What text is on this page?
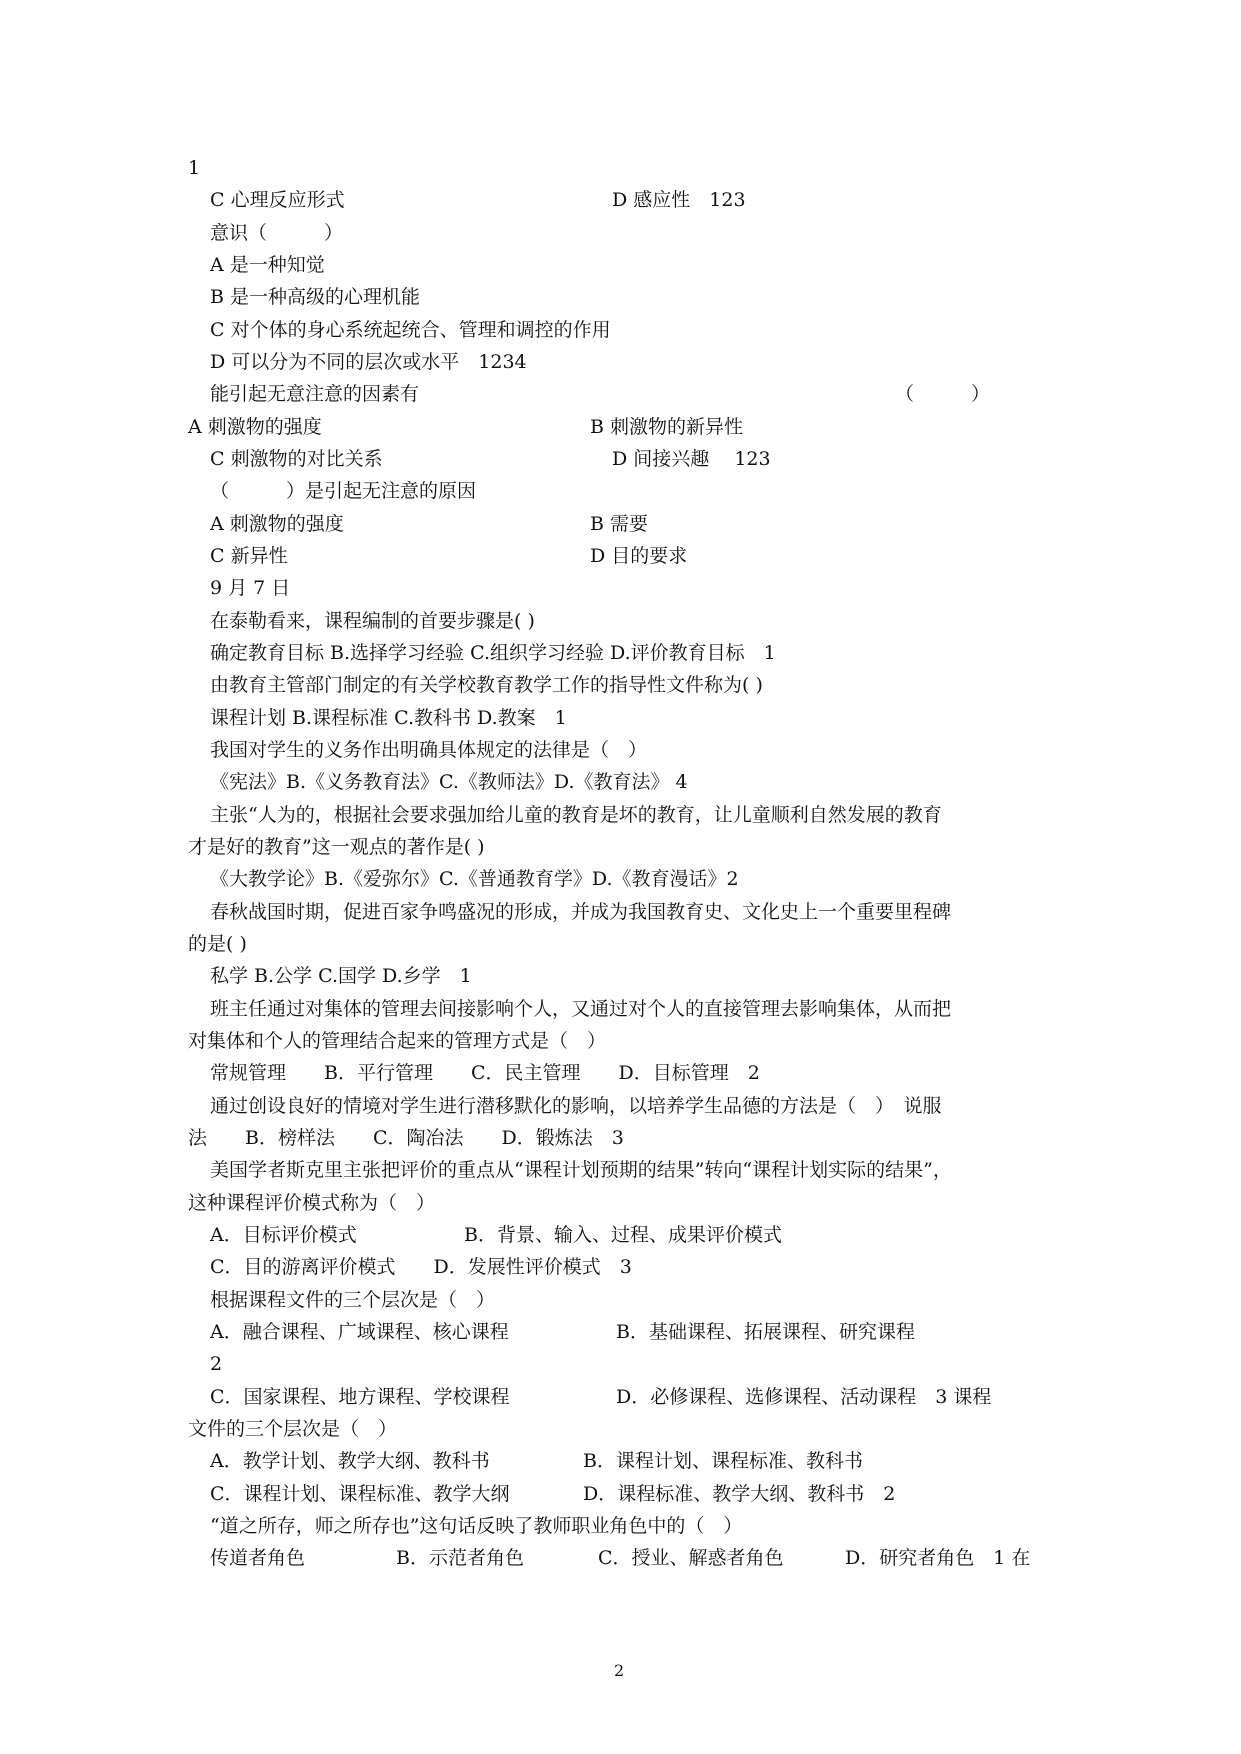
1
C 心理反应形式	D 感应性　123
意识（　　　）
A 是一种知觉
B 是一种高级的心理机能
C 对个体的身心系统起统合、管理和调控的作用
D 可以分为不同的层次或水平　1234
能引起无意注意的因素有	（　　　）
A 刺激物的强度	B 刺激物的新异性
C 刺激物的对比关系	D 间接兴趣　 123
（　　　）是引起无注意的原因
A 刺激物的强度	B 需要
C 新异性	D 目的要求
9 月 7 日
在泰勒看来，课程编制的首要步骤是( )
确定教育目标 B.选择学习经验 C.组织学习经验 D.评价教育目标　1
由教育主管部门制定的有关学校教育教学工作的指导性文件称为( )
课程计划 B.课程标准 C.教科书 D.教案　1
我国对学生的义务作出明确具体规定的法律是（　）
《宪法》B.《义务教育法》C.《教师法》D.《教育法》 4
主张“人为的，根据社会要求强加给儿童的教育是坏的教育，让儿童顺利自然发展的教育
才是好的教育”这一观点的著作是( )
《大教学论》B.《爱弥尔》C.《普通教育学》D.《教育漫话》2
春秋战国时期，促进百家争鸣盛况的形成，并成为我国教育史、文化史上一个重要里程碑
的是( )
私学 B.公学 C.国学 D.乡学　1
班主任通过对集体的管理去间接影响个人，又通过对个人的直接管理去影响集体，从而把
对集体和个人的管理结合起来的管理方式是（　）
常规管理　　B．平行管理　　C．民主管理　　D．目标管理　2
通过创设良好的情境对学生进行潜移默化的影响，以培养学生品德的方法是（　）　说服
法　　B．榜样法　　C．陶冶法　　D．锻炼法　3
美国学者斯克里主张把评价的重点从“课程计划预期的结果”转向“课程计划实际的结果”，
这种课程评价模式称为（　）
A．目标评价模式	B．背景、输入、过程、成果评价模式
C．目的游离评价模式　　D．发展性评价模式　3
根据课程文件的三个层次是（　）
A．融合课程、广域课程、核心课程	B．基础课程、拓展课程、研究课程
2
C．国家课程、地方课程、学校课程	D．必修课程、选修课程、活动课程　3 课程
文件的三个层次是（　）
A．教学计划、教学大纲、教科书	B．课程计划、课程标准、教科书
C．课程计划、课程标准、教学大纲	D．课程标准、教学大纲、教科书　2
“道之所存，师之所存也”这句话反映了教师职业角色中的（　）
传道者角色	B．示范者角色	C．授业、解惑者角色	D．研究者角色　1 在
2
